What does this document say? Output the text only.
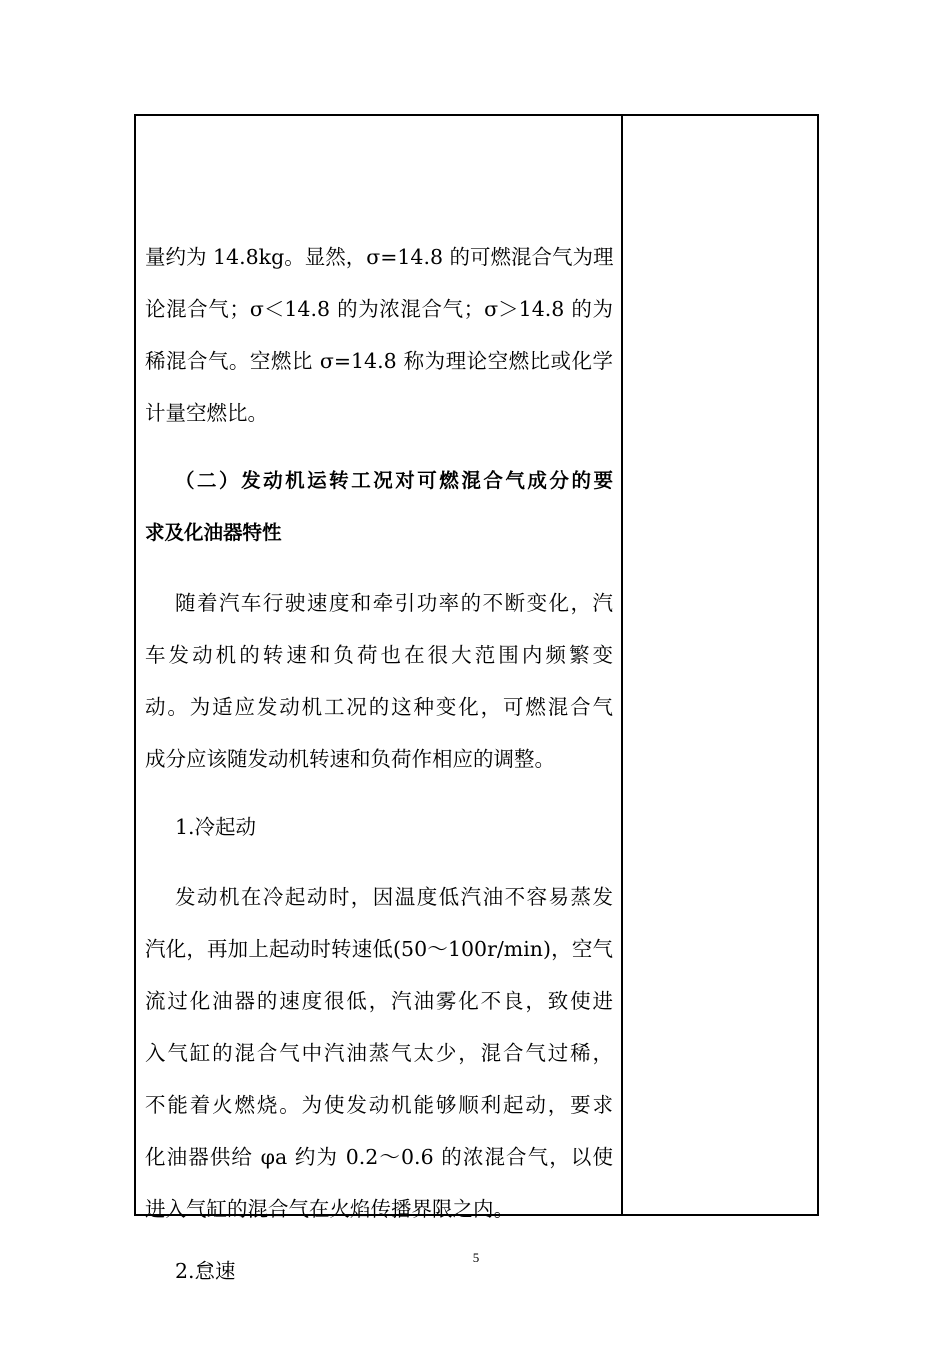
量约为 14.8kg。显然，σ=14.8 的可燃混合气为理
论混合气；σ＜14.8 的为浓混合气；σ＞14.8 的为
稀混合气。空燃比 σ=14.8 称为理论空燃比或化学
计量空燃比。
（二）发动机运转工况对可燃混合气成分的要
求及化油器特性
随着汽车行驶速度和牵引功率的不断变化，汽
车发动机的转速和负荷也在很大范围内频繁变
动。为适应发动机工况的这种变化，可燃混合气
成分应该随发动机转速和负荷作相应的调整。
1.冷起动
发动机在冷起动时，因温度低汽油不容易蒸发
汽化，再加上起动时转速低(50～100r/min)，空气
流过化油器的速度很低，汽油雾化不良，致使进
入气缸的混合气中汽油蒸气太少，混合气过稀，
不能着火燃烧。为使发动机能够顺利起动，要求
化油器供给 φa 约为 0.2～0.6 的浓混合气，以使
进入气缸的混合气在火焰传播界限之内。
2.怠速
5
